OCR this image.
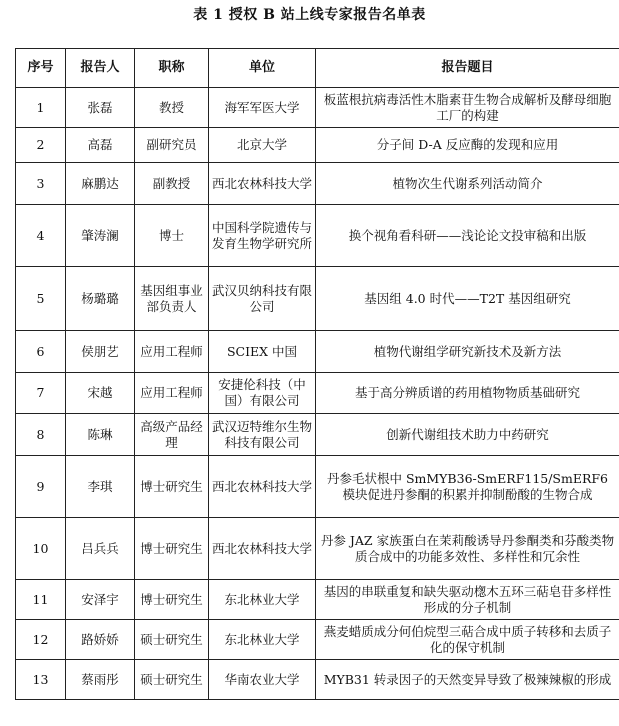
表 1 授权 B 站上线专家报告名单表
序号	报告人	职称	单位	报告题目
1	张磊	教授	海军军医大学	板蓝根抗病毒活性木脂素苷生物合成解析及酵母细胞工厂的构建
2	高磊	副研究员	北京大学	分子间 D-A 反应酶的发现和应用
3	麻鹏达	副教授	西北农林科技大学	植物次生代谢系列活动简介
4	肇涛澜	博士	中国科学院遗传与发育生物学研究所	换个视角看科研——浅论论文投审稿和出版
5	杨璐璐	基因组事业部负责人	武汉贝纳科技有限公司	基因组 4.0 时代——T2T 基因组研究
6	侯朋艺	应用工程师	SCIEX 中国	植物代谢组学研究新技术及新方法
7	宋越	应用工程师	安捷伦科技（中国）有限公司	基于高分辨质谱的药用植物物质基础研究
8	陈琳	高级产品经理	武汉迈特维尔生物科技有限公司	创新代谢组技术助力中药研究
9	李琪	博士研究生	西北农林科技大学	丹参毛状根中 SmMYB36-SmERF115/SmERF6 模块促进丹参酮的积累并抑制酚酸的生物合成
10	吕兵兵	博士研究生	西北农林科技大学	丹参 JAZ 家族蛋白在茉莉酸诱导丹参酮类和芬酸类物质合成中的功能多效性、多样性和冗余性
11	安泽宇	博士研究生	东北林业大学	基因的串联重复和缺失驱动楤木五环三萜皂苷多样性形成的分子机制
12	路娇娇	硕士研究生	东北林业大学	燕麦蜡质成分何伯烷型三萜合成中质子转移和去质子化的保守机制
13	蔡雨彤	硕士研究生	华南农业大学	MYB31 转录因子的天然变异导致了极辣辣椒的形成
